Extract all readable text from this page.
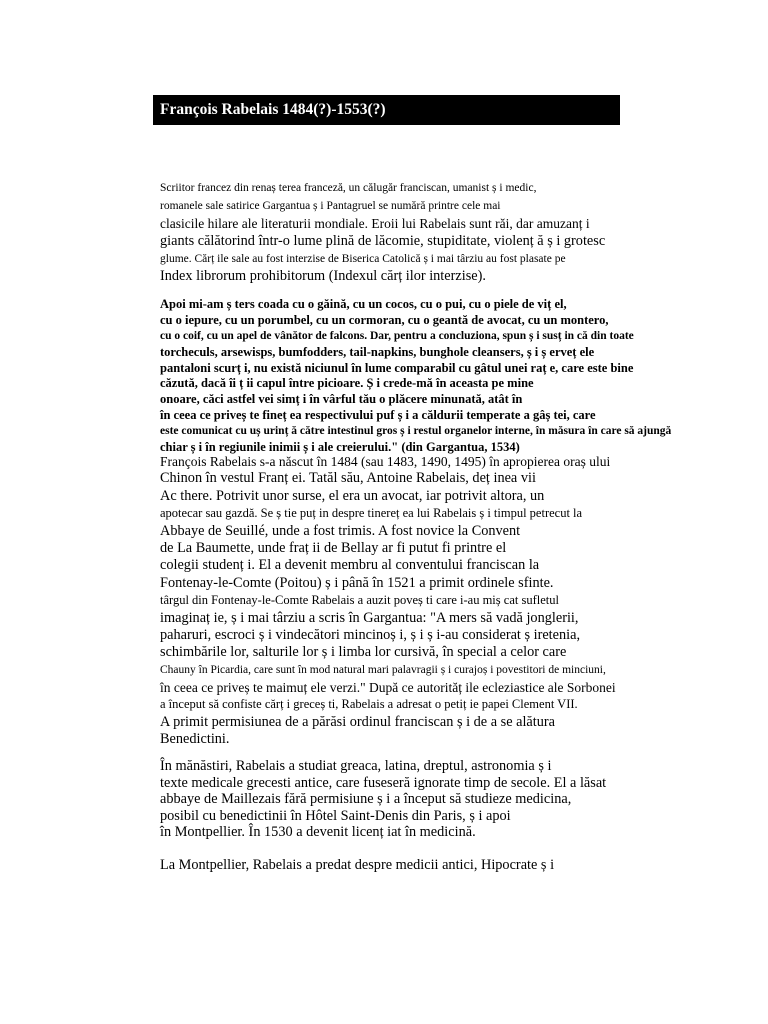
François Rabelais 1484(?)-1553(?)
Scriitor francez din renaș terea franceză, un călugăr franciscan, umanist ș i medic,
romanele sale satirice Gargantua ș i Pantagruel se numără printre cele mai
clasicile hilare ale literaturii mondiale. Eroii lui Rabelais sunt răi, dar amuzanț i
giants călătorind într-o lume plină de lăcomie, stupiditate, violenț ă ș i grotesc
glume. Cărț ile sale au fost interzise de Biserica Catolică ș i mai târziu au fost plasate pe
Index librorum prohibitorum (Indexul cărț ilor interzise).
Apoi mi-am ș ters coada cu o găină, cu un cocos, cu o pui, cu o piele de viț el,
cu o iepure, cu un porumbel, cu un cormoran, cu o geantă de avocat, cu un montero,
cu o coif, cu un apel de vânător de falcons. Dar, pentru a concluziona, spun ș i susț in că din toate
torcheculs, arsewisps, bumfodders, tail-napkins, bunghole cleansers, ș i ș erveț ele
pantaloni scurț i, nu există niciunul în lume comparabil cu gâtul unei raț e, care este bine
căzută, dacă îi ț ii capul între picioare. Ș i crede-mă în aceasta pe mine
onoare, căci astfel vei simț i în vârful tău o plăcere minunată, atât în
în ceea ce priveș te fineț ea respectivului puf ș i a căldurii temperate a gâș tei, care
este comunicat cu uș urinț ă către intestinul gros ș i restul organelor interne, în măsura în care să ajungă
chiar ș i în regiunile inimii ș i ale creierului." (din Gargantua, 1534)
François Rabelais s-a născut în 1484 (sau 1483, 1490, 1495) în apropierea oraș ului
Chinon în vestul Franț ei. Tatăl său, Antoine Rabelais, deț inea vii
Ac there. Potrivit unor surse, el era un avocat, iar potrivit altora, un
apotecar sau gazdă. Se ș tie puț in despre tinereț ea lui Rabelais ș i timpul petrecut la
Abbaye de Seuillé, unde a fost trimis. A fost novice la Convent
de La Baumette, unde fraț ii de Bellay ar fi putut fi printre el
colegii studenț i. El a devenit membru al conventului franciscan la
Fontenay-le-Comte (Poitou) ș i până în 1521 a primit ordinele sfinte.
târgul din Fontenay-le-Comte Rabelais a auzit poveș ti care i-au miș cat sufletul
imaginaț ie, ș i mai târziu a scris în Gargantua: "A mers să vadă jonglerii,
paharuri, escroci ș i vindecători mincinoș i, ș i ș i-au considerat ș iretenia,
schimbările lor, salturile lor ș i limba lor cursivă, în special a celor care
Chauny în Picardia, care sunt în mod natural mari palavragii ș i curajoș i povestitori de minciuni,
în ceea ce priveș te maimuț ele verzi." După ce autorităț ile ecleziastice ale Sorbonei
a început să confiste cărț i greceș ti, Rabelais a adresat o petiț ie papei Clement VII.
A primit permisiunea de a părăsi ordinul franciscan ș i de a se alătura
Benedictini.
În mănăstiri, Rabelais a studiat greaca, latina, dreptul, astronomia ș i
texte medicale grecesti antice, care fuseseră ignorate timp de secole. El a lăsat
abbaye de Maillezais fără permisiune ș i a început să studieze medicina,
posibil cu benedictinii în Hôtel Saint-Denis din Paris, ș i apoi
în Montpellier. În 1530 a devenit licenț iat în medicină.
La Montpellier, Rabelais a predat despre medicii antici, Hipocrate ș i
